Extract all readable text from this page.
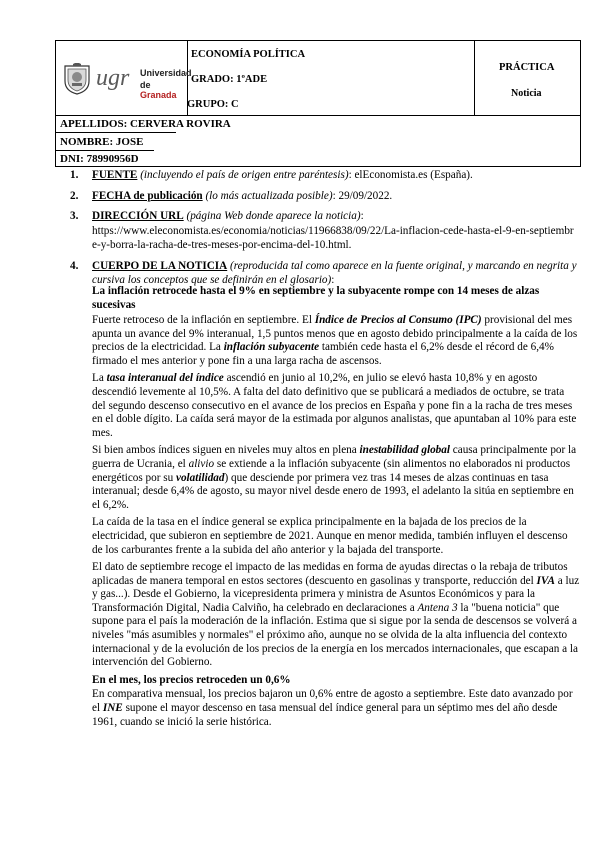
ugr Universidad
de Granada
ECONOMÍA POLÍTICA
GRADO: 1ºADE
GRUPO: C
PRÁCTICA
Noticia
APELLIDOS: CERVERA ROVIRA
NOMBRE: JOSE
DNI: 78990956D
1. FUENTE (incluyendo el país de origen entre paréntesis): elEconomista.es (España).
2. FECHA de publicación (lo más actualizada posible): 29/09/2022.
3. DIRECCIÓN URL (página Web donde aparece la noticia):
https://www.eleconomista.es/economia/noticias/11966838/09/22/La-inflacion-cede-hasta-el-9-en-septiembre-y-borra-la-racha-de-tres-meses-por-encima-del-10.html.
4. CUERPO DE LA NOTICIA (reproducida tal como aparece en la fuente original, y marcando en negrita y cursiva los conceptos que se definirán en el glosario):

La inflación retrocede hasta el 9% en septiembre y la subyacente rompe con 14 meses de alzas sucesivas

Fuerte retroceso de la inflación en septiembre. El Índice de Precios al Consumo (IPC) provisional del mes apunta un avance del 9% interanual, 1,5 puntos menos que en agosto debido principalmente a la caída de los precios de la electricidad. La inflación subyacente también cede hasta el 6,2% desde el récord de 6,4% firmado el mes anterior y pone fin a una larga racha de ascensos.

La tasa interanual del índice ascendió en junio al 10,2%, en julio se elevó hasta 10,8% y en agosto descendió levemente al 10,5%. A falta del dato definitivo que se publicará a mediados de octubre, se trata del segundo descenso consecutivo en el avance de los precios en España y pone fin a la racha de tres meses en el doble dígito. La caída será mayor de la estimada por algunos analistas, que apuntaban al 10% para este mes.

Si bien ambos índices siguen en niveles muy altos en plena inestabilidad global causa principalmente por la guerra de Ucrania, el alivio se extiende a la inflación subyacente (sin alimentos no elaborados ni productos energéticos por su volatilidad) que desciende por primera vez tras 14 meses de alzas continuas en tasa interanual; desde 6,4% de agosto, su mayor nivel desde enero de 1993, el adelanto la sitúa en septiembre en el 6,2%.

La caída de la tasa en el índice general se explica principalmente en la bajada de los precios de la electricidad, que subieron en septiembre de 2021. Aunque en menor medida, también influyen el descenso de los carburantes frente a la subida del año anterior y la bajada del transporte.

El dato de septiembre recoge el impacto de las medidas en forma de ayudas directas o la rebaja de tributos aplicadas de manera temporal en estos sectores (descuento en gasolinas y transporte, reducción del IVA a luz y gas...). Desde el Gobierno, la vicepresidenta primera y ministra de Asuntos Económicos y para la Transformación Digital, Nadia Calviño, ha celebrado en declaraciones a Antena 3 la "buena noticia" que supone para el país la moderación de la inflación. Estima que si sigue por la senda de descensos se volverá a niveles "más asumibles y normales" el próximo año, aunque no se olvida de la alta influencia del contexto internacional y de la evolución de los precios de la energía en los mercados internacionales, que escapan a la intervención del Gobierno.

En el mes, los precios retroceden un 0,6%

En comparativa mensual, los precios bajaron un 0,6% entre de agosto a septiembre. Este dato avanzado por el INE supone el mayor descenso en tasa mensual del índice general para un séptimo mes del año desde 1961, cuando se inició la serie histórica.
